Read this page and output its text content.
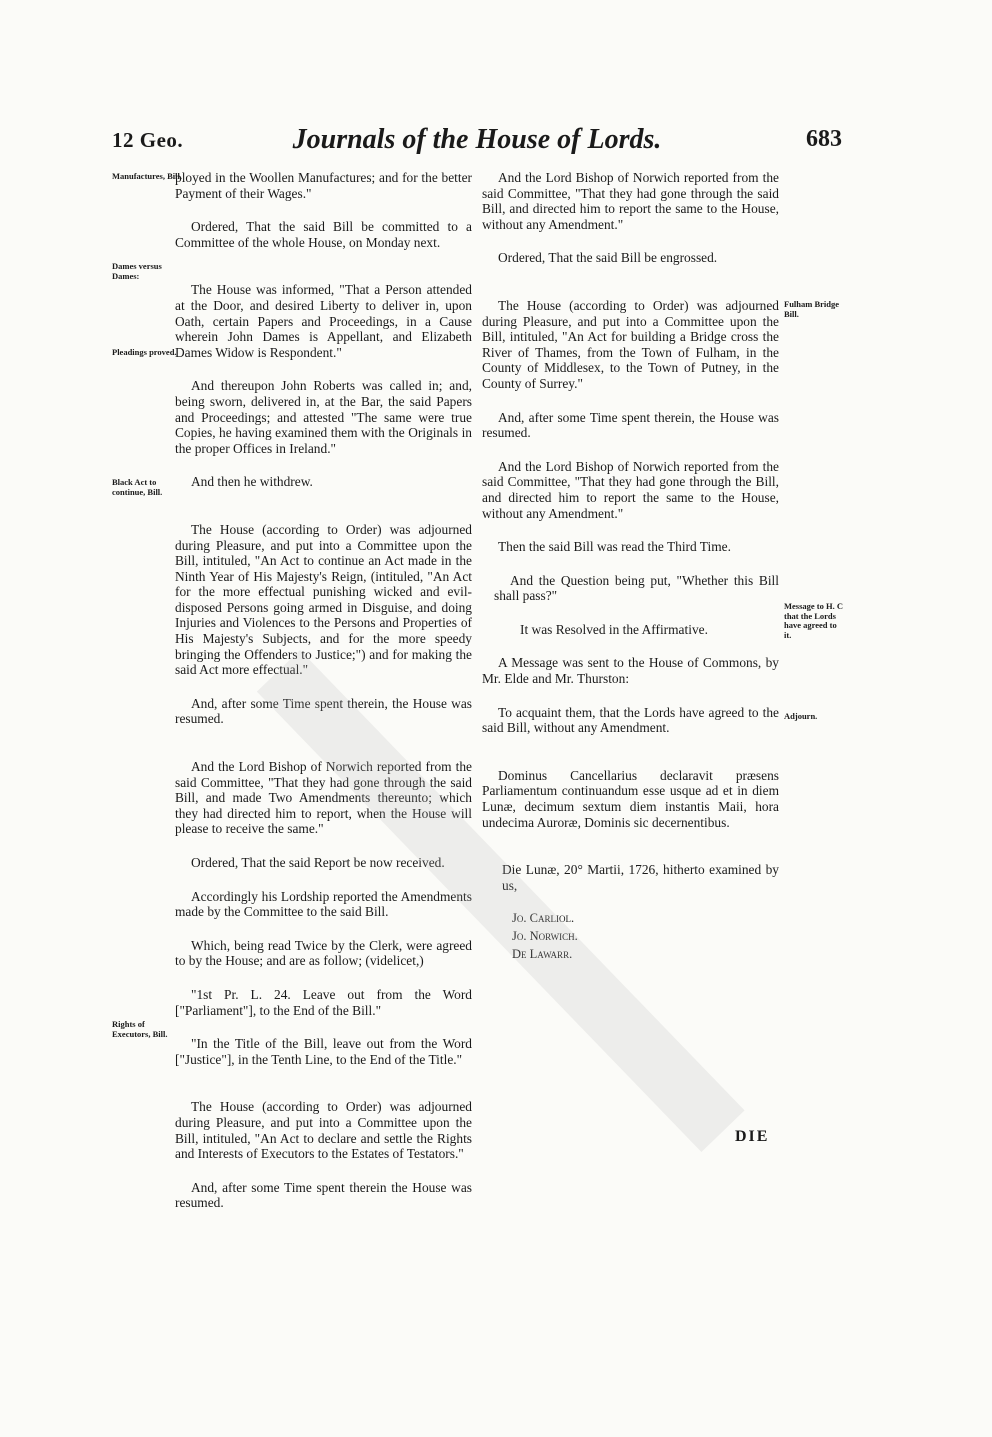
12 Geo.	Journals of the House of Lords.	683
Manufactures, Bill.
Dames versus Dames:
Pleadings proved.
Black Act to continue, Bill.
Rights of Executors, Bill.
Fulham Bridge Bill.
Message to H. C that the Lords have agreed to it.
Adjourn.

ployed in the Woollen Manufactures; and for the better Payment of their Wages."

Ordered, That the said Bill be committed to a Committee of the whole House, on Monday next.

The House was informed, "That a Person attended at the Door, and desired Liberty to deliver in, upon Oath, certain Papers and Proceedings, in a Cause wherein John Dames is Appellant, and Elizabeth Dames Widow is Respondent."

And thereupon John Roberts was called in; and, being sworn, delivered in, at the Bar, the said Papers and Proceedings; and attested "The same were true Copies, he having examined them with the Originals in the proper Offices in Ireland."

And then he withdrew.

The House (according to Order) was adjourned during Pleasure, and put into a Committee upon the Bill, intituled, "An Act to continue an Act made in the Ninth Year of His Majesty's Reign, (intituled, "An Act for the more effectual punishing wicked and evil-disposed Persons going armed in Disguise, and doing Injuries and Violences to the Persons and Properties of His Majesty's Subjects, and for the more speedy bringing the Offenders to Justice;") and for making the said Act more effectual."

And, after some Time spent therein, the House was resumed.

And the Lord Bishop of Norwich reported from the said Committee, "That they had gone through the said Bill, and made Two Amendments thereunto; which they had directed him to report, when the House will please to receive the same."

Ordered, That the said Report be now received.

Accordingly his Lordship reported the Amendments made by the Committee to the said Bill.

Which, being read Twice by the Clerk, were agreed to by the House; and are as follow; (videlicet,)

"1st Pr. L. 24. Leave out from the Word ["Parliament"], to the End of the Bill."

"In the Title of the Bill, leave out from the Word ["Justice"], in the Tenth Line, to the End of the Title."

The House (according to Order) was adjourned during Pleasure, and put into a Committee upon the Bill, intituled, "An Act to declare and settle the Rights and Interests of Executors to the Estates of Testators."

And, after some Time spent therein the House was resumed.

And the Lord Bishop of Norwich reported from the said Committee, "That they had gone through the said Bill, and directed him to report the same to the House, without any Amendment."

Ordered, That the said Bill be engrossed.

The House (according to Order) was adjourned during Pleasure, and put into a Committee upon the Bill, intituled, "An Act for building a Bridge cross the River of Thames, from the Town of Fulham, in the County of Middlesex, to the Town of Putney, in the County of Surrey."

And, after some Time spent therein, the House was resumed.

And the Lord Bishop of Norwich reported from the said Committee, "That they had gone through the Bill, and directed him to report the same to the House, without any Amendment."

Then the said Bill was read the Third Time.

And the Question being put, "Whether this Bill shall pass?"

It was Resolved in the Affirmative.

A Message was sent to the House of Commons, by Mr. Elde and Mr. Thurston:

To acquaint them, that the Lords have agreed to the said Bill, without any Amendment.

Dominus Cancellarius declaravit præsens Parliamentum continuandum esse usque ad et in diem Lunæ, decimum sextum diem instantis Maii, hora undecima Auroræ, Dominis sic decernentibus.

Die Lunæ, 20° Martii, 1726, hitherto examined by us,

Jo. Carliol.

Jo. Norwich.

De Lawarr.

DIE
